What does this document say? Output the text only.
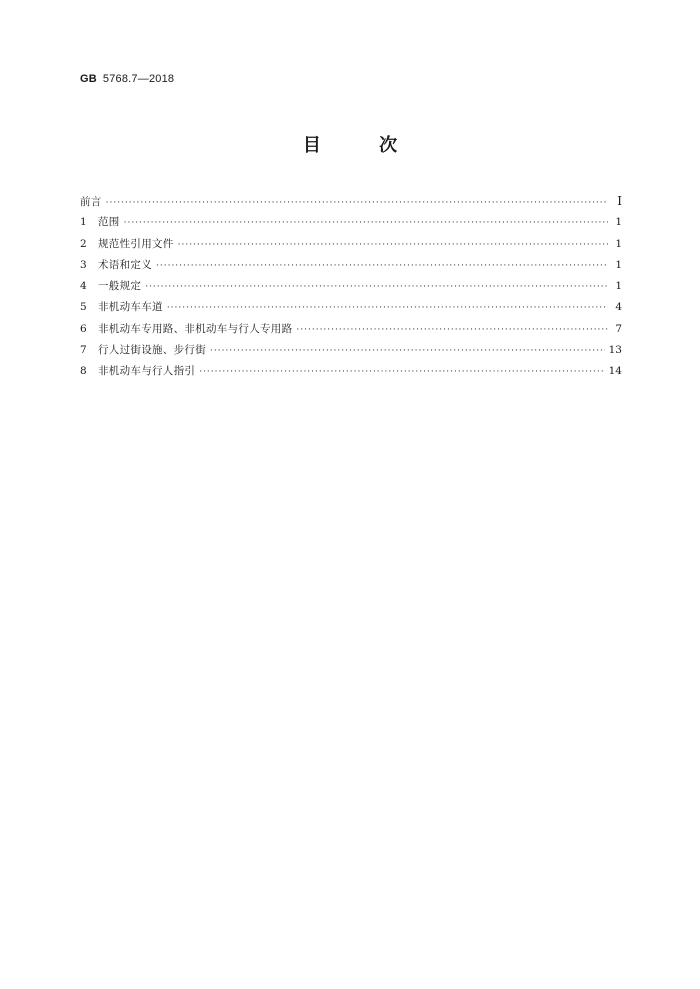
GB 5768.7—2018
目 次
前言 ·····	Ⅰ
1	范围 ·····	1
2	规范性引用文件 ·····	1
3	术语和定义 ·····	1
4	一般规定 ·····	1
5	非机动车车道 ·····	4
6	非机动车专用路、非机动车与行人专用路 ·····	7
7	行人过街设施、步行街 ·····	13
8	非机动车与行人指引 ·····	14
